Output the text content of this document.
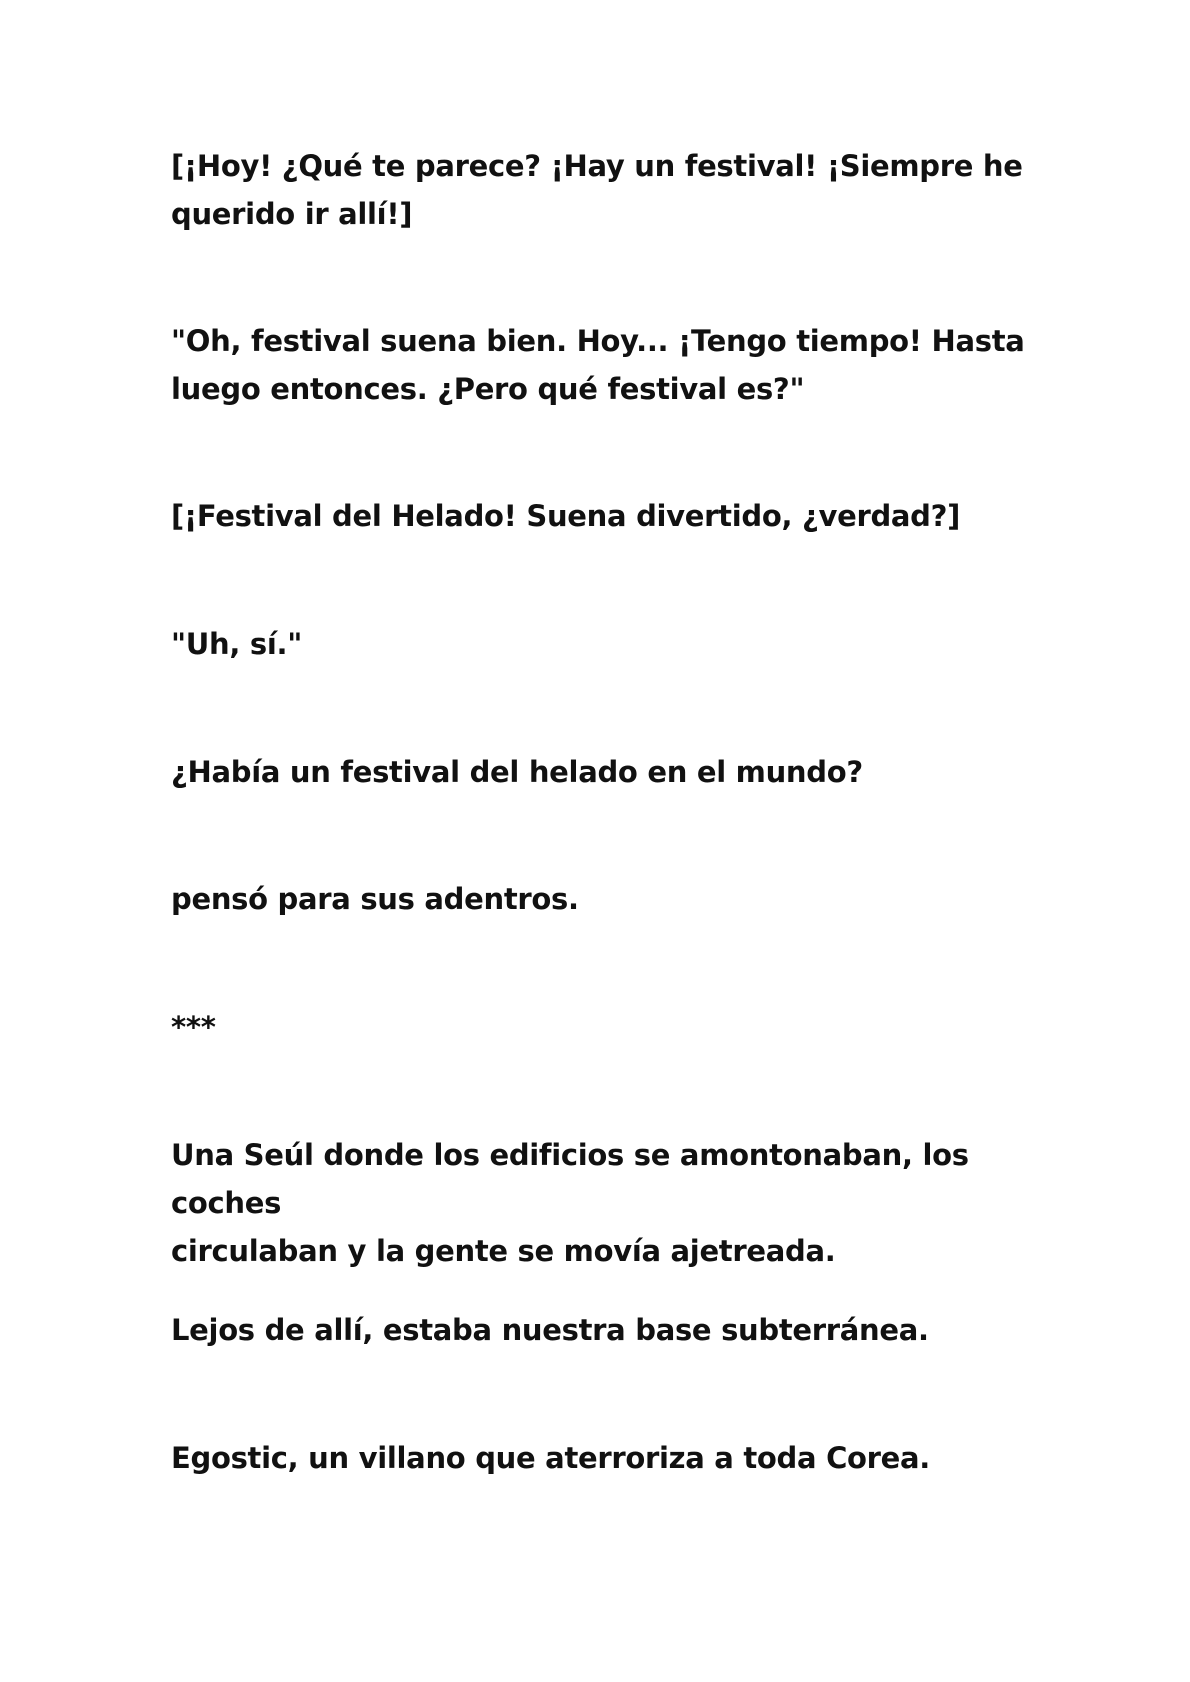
[¡Hoy! ¿Qué te parece? ¡Hay un festival! ¡Siempre he
querido ir allí!]

"Oh, festival suena bien. Hoy... ¡Tengo tiempo! Hasta
luego entonces. ¿Pero qué festival es?"

[¡Festival del Helado! Suena divertido, ¿verdad?]

"Uh, sí."

¿Había un festival del helado en el mundo?

pensó para sus adentros.

***

Una Seúl donde los edificios se amontonaban, los coches
circulaban y la gente se movía ajetreada.

Lejos de allí, estaba nuestra base subterránea.

Egostic, un villano que aterroriza a toda Corea.
